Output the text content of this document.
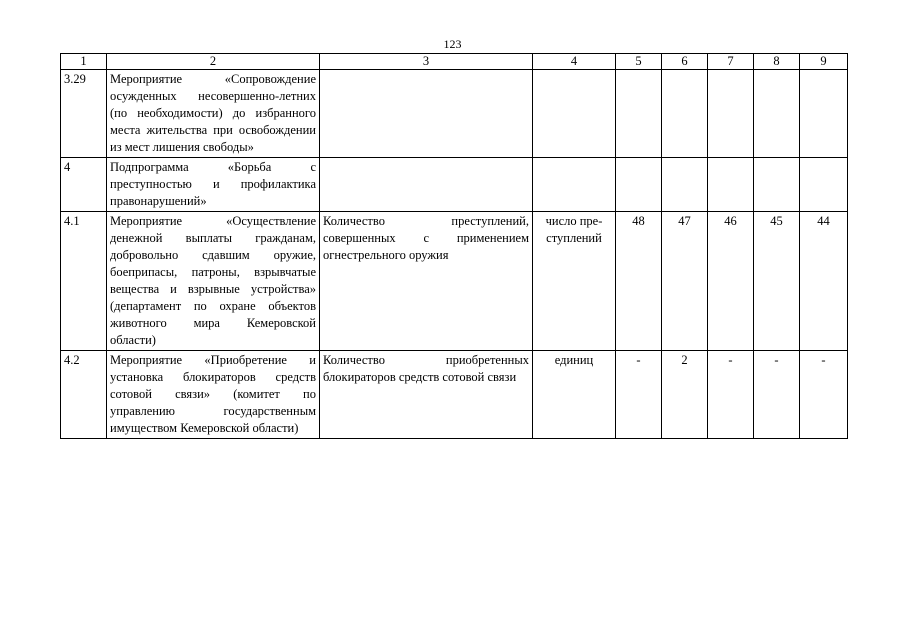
123
1	2	3	4	5	6	7	8	9
3.29	Мероприятие «Сопровождение осужденных несовершенно-летних (по необходимости) до избранного места жительства при освобождении из мест лишения свободы»							
4	Подпрограмма «Борьба с преступностью и профилактика правонарушений»							
4.1	Мероприятие «Осуществление денежной выплаты гражданам, добровольно сдавшим оружие, боеприпасы, патроны, взрывчатые вещества и взрывные устройства» (департамент по охране объектов животного мира Кемеровской области)	Количество преступлений, совершенных с применением огнестрельного оружия	число пре-ступлений	48	47	46	45	44
4.2	Мероприятие «Приобретение и установка блокираторов средств сотовой связи» (комитет по управлению государственным имуществом Кемеровской области)	Количество приобретенных блокираторов средств сотовой связи	единиц	-	2	-	-	-
